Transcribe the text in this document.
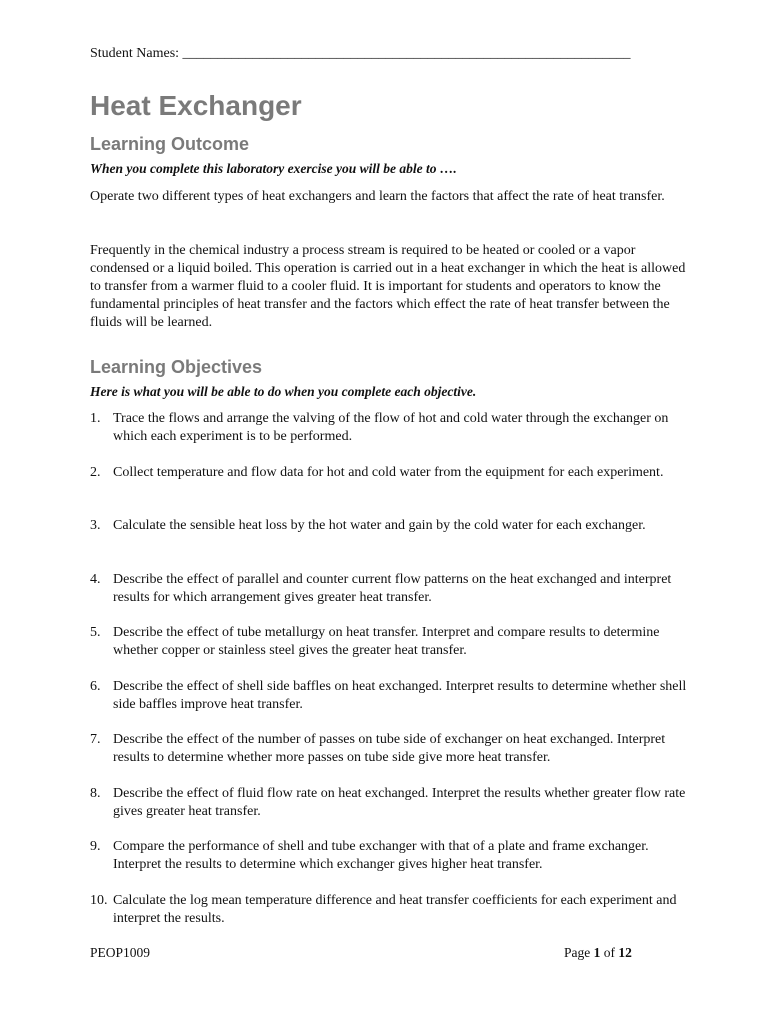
Student Names: ________________________________________________________________
Heat Exchanger
Learning Outcome

When you complete this laboratory exercise you will be able to ….

Operate two different types of heat exchangers and learn the factors that affect the rate of heat transfer.

Frequently in the chemical industry a process stream is required to be heated or cooled or a vapor condensed or a liquid boiled. This operation is carried out in a heat exchanger in which the heat is allowed to transfer from a warmer fluid to a cooler fluid. It is important for students and operators to know the fundamental principles of heat transfer and the factors which effect the rate of heat transfer between the fluids will be learned.

Learning Objectives

Here is what you will be able to do when you complete each objective.

1. Trace the flows and arrange the valving of the flow of hot and cold water through the exchanger on which each experiment is to be performed.
2. Collect temperature and flow data for hot and cold water from the equipment for each experiment.
3. Calculate the sensible heat loss by the hot water and gain by the cold water for each exchanger.
4. Describe the effect of parallel and counter current flow patterns on the heat exchanged and interpret results for which arrangement gives greater heat transfer.
5. Describe the effect of tube metallurgy on heat transfer. Interpret and compare results to determine whether copper or stainless steel gives the greater heat transfer.
6. Describe the effect of shell side baffles on heat exchanged. Interpret results to determine whether shell side baffles improve heat transfer.
7. Describe the effect of the number of passes on tube side of exchanger on heat exchanged. Interpret results to determine whether more passes on tube side give more heat transfer.
8. Describe the effect of fluid flow rate on heat exchanged. Interpret the results whether greater flow rate gives greater heat transfer.
9. Compare the performance of shell and tube exchanger with that of a plate and frame exchanger. Interpret the results to determine which exchanger gives higher heat transfer.
10. Calculate the log mean temperature difference and heat transfer coefficients for each experiment and interpret the results.
PEOP1009	Page 1 of 12
